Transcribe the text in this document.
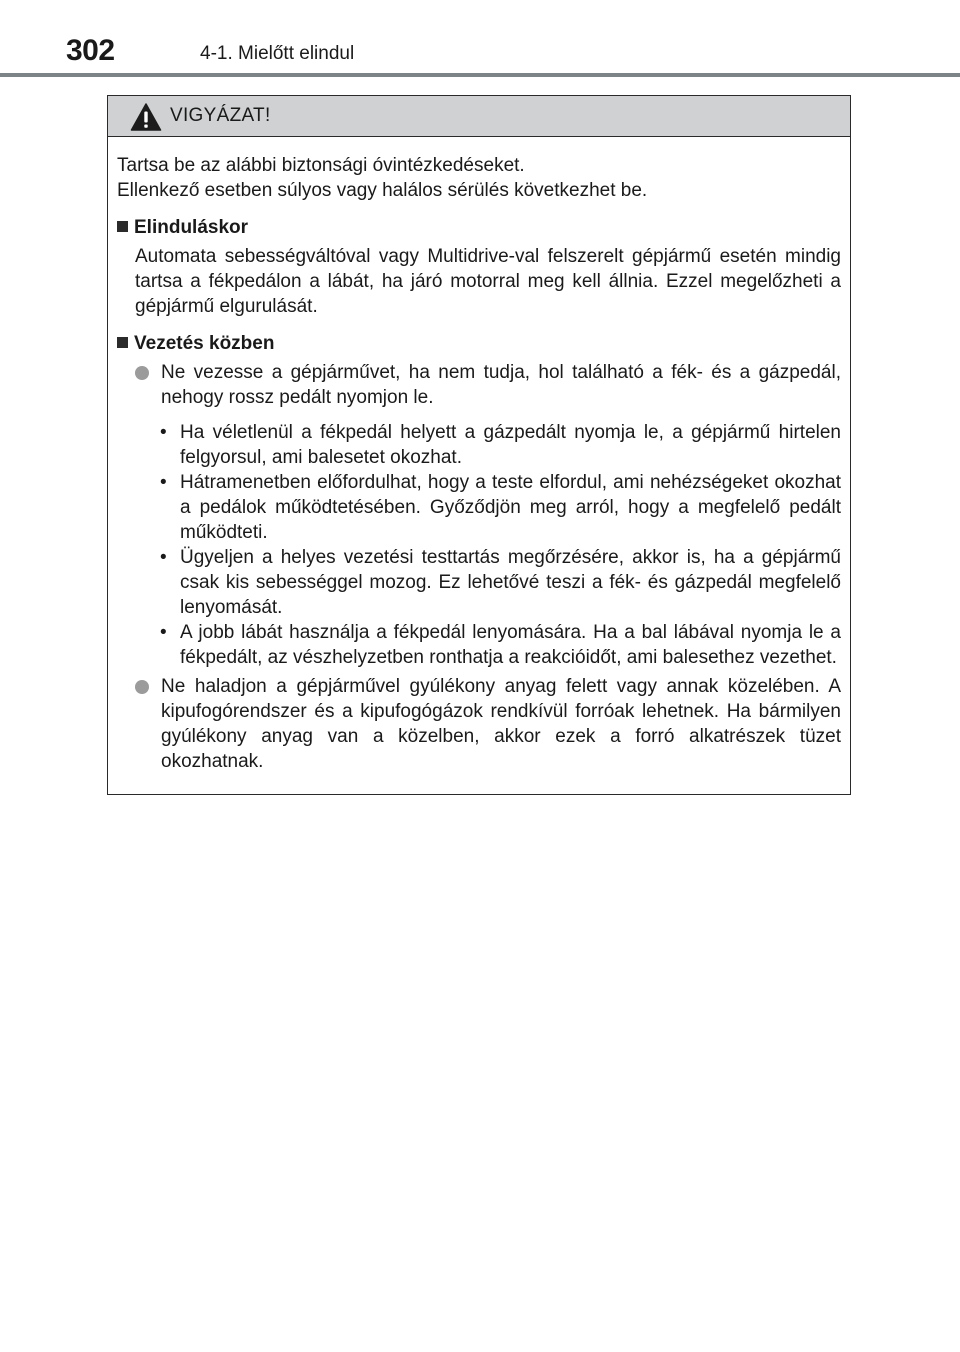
302	4-1. Mielőtt elindul
VIGYÁZAT!

Tartsa be az alábbi biztonsági óvintézkedéseket.
Ellenkező esetben súlyos vagy halálos sérülés következhet be.

Elinduláskor

Automata sebességváltóval vagy Multidrive-val felszerelt gépjármű esetén mindig tartsa a fékpedálon a lábát, ha járó motorral meg kell állnia. Ezzel megelőzheti a gépjármű elgurulását.

Vezetés közben

Ne vezesse a gépjárművet, ha nem tudja, hol található a fék- és a gázpedál, nehogy rossz pedált nyomjon le.

• Ha véletlenül a fékpedál helyett a gázpedált nyomja le, a gépjármű hirtelen felgyorsul, ami balesetet okozhat.
• Hátramenetben előfordulhat, hogy a teste elfordul, ami nehézségeket okozhat a pedálok működtetésében. Győződjön meg arról, hogy a megfelelő pedált működteti.
• Ügyeljen a helyes vezetési testtartás megőrzésére, akkor is, ha a gépjármű csak kis sebességgel mozog. Ez lehetővé teszi a fék- és gázpedál megfelelő lenyomását.
• A jobb lábát használja a fékpedál lenyomására. Ha a bal lábával nyomja le a fékpedált, az vészhelyzetben ronthatja a reakcióidőt, ami balesethez vezethet.

Ne haladjon a gépjárművel gyúlékony anyag felett vagy annak közelében. A kipufogórendszer és a kipufogógázok rendkívül forróak lehetnek. Ha bármilyen gyúlékony anyag van a közelben, akkor ezek a forró alkatrészek tüzet okozhatnak.
